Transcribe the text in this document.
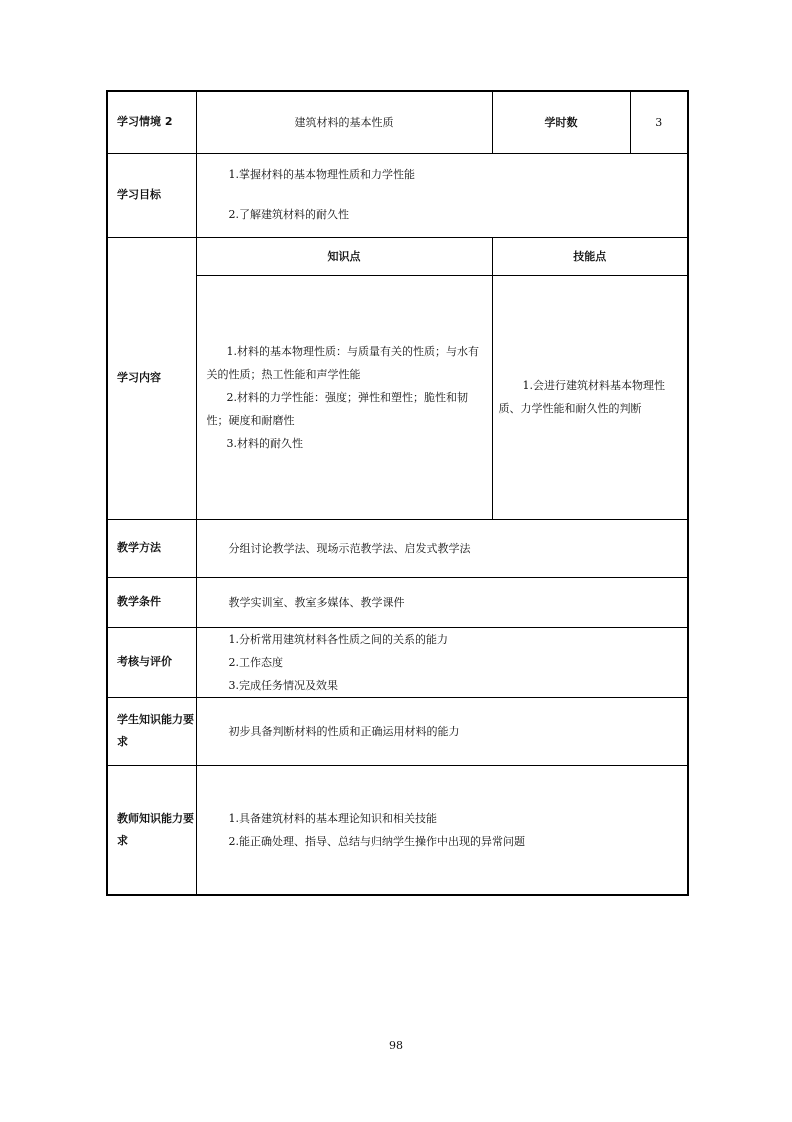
学习情境 2	建筑材料的基本性质	学时数	3
学习目标	1.掌握材料的基本物理性质和力学性能

2.了解建筑材料的耐久性		

学习内容	知识点	技能点	

	1.材料的基本物理性质：与质量有关的性质；与水有关的性质；热工性能和声学性能

2.材料的力学性能：强度；弹性和塑性；脆性和韧性；硬度和耐磨性

3.材料的耐久性	1.会进行建筑材料基本物理性质、力学性能和耐久性的判断	

教学方法	分组讨论教学法、现场示范教学法、启发式教学法		
教学条件	教学实训室、教室多媒体、教学课件		
考核与评价	1.分析常用建筑材料各性质之间的关系的能力

2.工作态度

3.完成任务情况及效果		

学生知识能力要求	初步具备判断材料的性质和正确运用材料的能力		
教师知识能力要求	1.具备建筑材料的基本理论知识和相关技能

2.能正确处理、指导、总结与归纳学生操作中出现的异常问题		

98
